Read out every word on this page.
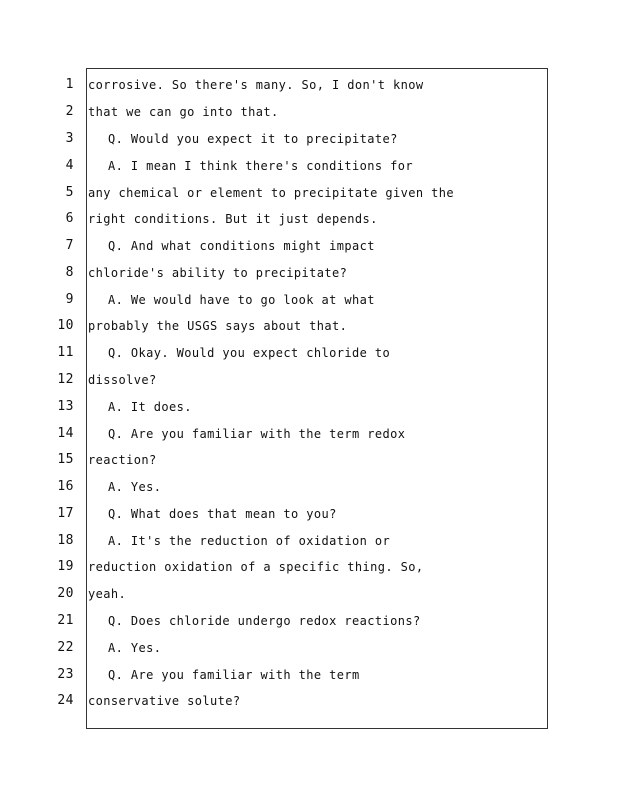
1 corrosive. So there's many. So, I don't know
2 that we can go into that.
3	Q. Would you expect it to precipitate?
4	A. I mean I think there's conditions for
5 any chemical or element to precipitate given the
6 right conditions. But it just depends.
7	Q. And what conditions might impact
8 chloride's ability to precipitate?
9	A. We would have to go look at what
10 probably the USGS says about that.
11	Q. Okay. Would you expect chloride to
12 dissolve?
13	A. It does.
14	Q. Are you familiar with the term redox
15 reaction?
16	A. Yes.
17	Q. What does that mean to you?
18	A. It's the reduction of oxidation or
19 reduction oxidation of a specific thing. So,
20 yeah.
21	Q. Does chloride undergo redox reactions?
22	A. Yes.
23	Q. Are you familiar with the term
24 conservative solute?
